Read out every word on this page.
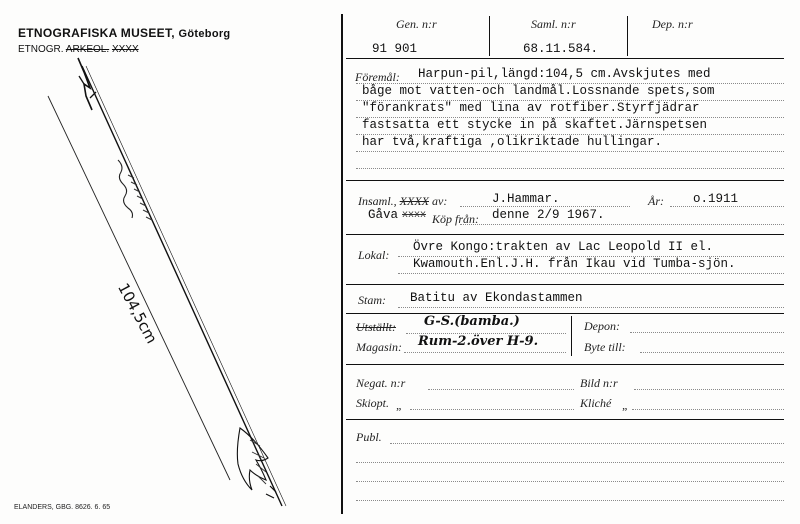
ETNOGRAFISKA MUSEET, Göteborg
ETNOGR. ARKEOL. XXXX
104,5cm
ELANDERS, GBG. 8626. 6. 65
Gen. n:r	Saml. n:r	Dep. n:r
91 901	68.11.584.
Föremål: Harpun-pil,längd:104,5 cm.Avskjutes med
båge mot vatten-och landmål.Lossnande spets,som
"förankrats" med lina av rotfiber.Styrfjädrar
fastsatta ett stycke in på skaftet.Järnspetsen
har två,kraftiga ,olikriktade hullingar.
Insaml., XXXX av:	J.Hammar.	År: o.1911
Gåva xxxx Köp från: denne 2/9 1967.
Lokal:
Övre Kongo:trakten av Lac Leopold II el.
Kwamouth.Enl.J.H. från Ikau vid Tumba-sjön.
Stam: Batitu av Ekondastammen
Utställt: G-S.(bamba.)
Magasin: Rum-2.över H-9.
Depon:
Byte till:
Negat. n:r	Bild n:r
Skiopt. „	Kliché „
Publ.
